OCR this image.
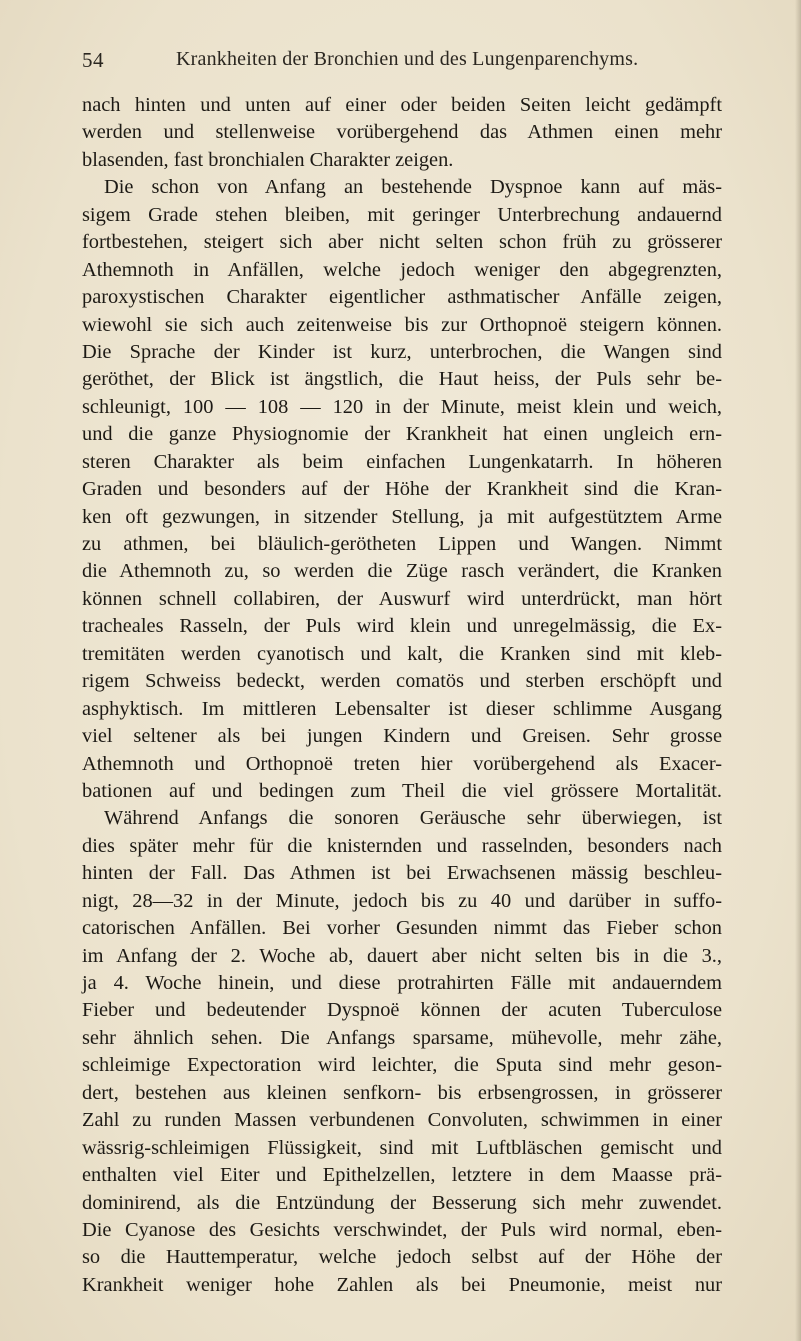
54	Krankheiten der Bronchien und des Lungenparenchyms.
nach hinten und unten auf einer oder beiden Seiten leicht gedämpft
werden und stellenweise vorübergehend das Athmen einen mehr
blasenden, fast bronchialen Charakter zeigen.
Die schon von Anfang an bestehende Dyspnoe kann auf mäs-
sigem Grade stehen bleiben, mit geringer Unterbrechung andauernd
fortbestehen, steigert sich aber nicht selten schon früh zu grösserer
Athemnoth in Anfällen, welche jedoch weniger den abgegrenzten,
paroxystischen Charakter eigentlicher asthmatischer Anfälle zeigen,
wiewohl sie sich auch zeitenweise bis zur Orthopnoë steigern können.
Die Sprache der Kinder ist kurz, unterbrochen, die Wangen sind
geröthet, der Blick ist ängstlich, die Haut heiss, der Puls sehr be-
schleunigt, 100 — 108 — 120 in der Minute, meist klein und weich,
und die ganze Physiognomie der Krankheit hat einen ungleich ern-
steren Charakter als beim einfachen Lungenkatarrh. In höheren
Graden und besonders auf der Höhe der Krankheit sind die Kran-
ken oft gezwungen, in sitzender Stellung, ja mit aufgestütztem Arme
zu athmen, bei bläulich-gerötheten Lippen und Wangen. Nimmt
die Athemnoth zu, so werden die Züge rasch verändert, die Kranken
können schnell collabiren, der Auswurf wird unterdrückt, man hört
tracheales Rasseln, der Puls wird klein und unregelmässig, die Ex-
tremitäten werden cyanotisch und kalt, die Kranken sind mit kleb-
rigem Schweiss bedeckt, werden comatös und sterben erschöpft und
asphyktisch. Im mittleren Lebensalter ist dieser schlimme Ausgang
viel seltener als bei jungen Kindern und Greisen. Sehr grosse
Athemnoth und Orthopnoë treten hier vorübergehend als Exacer-
bationen auf und bedingen zum Theil die viel grössere Mortalität.
Während Anfangs die sonoren Geräusche sehr überwiegen, ist
dies später mehr für die knisternden und rasselnden, besonders nach
hinten der Fall. Das Athmen ist bei Erwachsenen mässig beschleu-
nigt, 28—32 in der Minute, jedoch bis zu 40 und darüber in suffo-
catorischen Anfällen. Bei vorher Gesunden nimmt das Fieber schon
im Anfang der 2. Woche ab, dauert aber nicht selten bis in die 3.,
ja 4. Woche hinein, und diese protrahirten Fälle mit andauerndem
Fieber und bedeutender Dyspnoë können der acuten Tuberculose
sehr ähnlich sehen. Die Anfangs sparsame, mühevolle, mehr zähe,
schleimige Expectoration wird leichter, die Sputa sind mehr geson-
dert, bestehen aus kleinen senfkorn- bis erbsengrossen, in grösserer
Zahl zu runden Massen verbundenen Convoluten, schwimmen in einer
wässrig-schleimigen Flüssigkeit, sind mit Luftbläschen gemischt und
enthalten viel Eiter und Epithelzellen, letztere in dem Maasse prä-
dominirend, als die Entzündung der Besserung sich mehr zuwendet.
Die Cyanose des Gesichts verschwindet, der Puls wird normal, eben-
so die Hauttemperatur, welche jedoch selbst auf der Höhe der
Krankheit weniger hohe Zahlen als bei Pneumonie, meist nur
